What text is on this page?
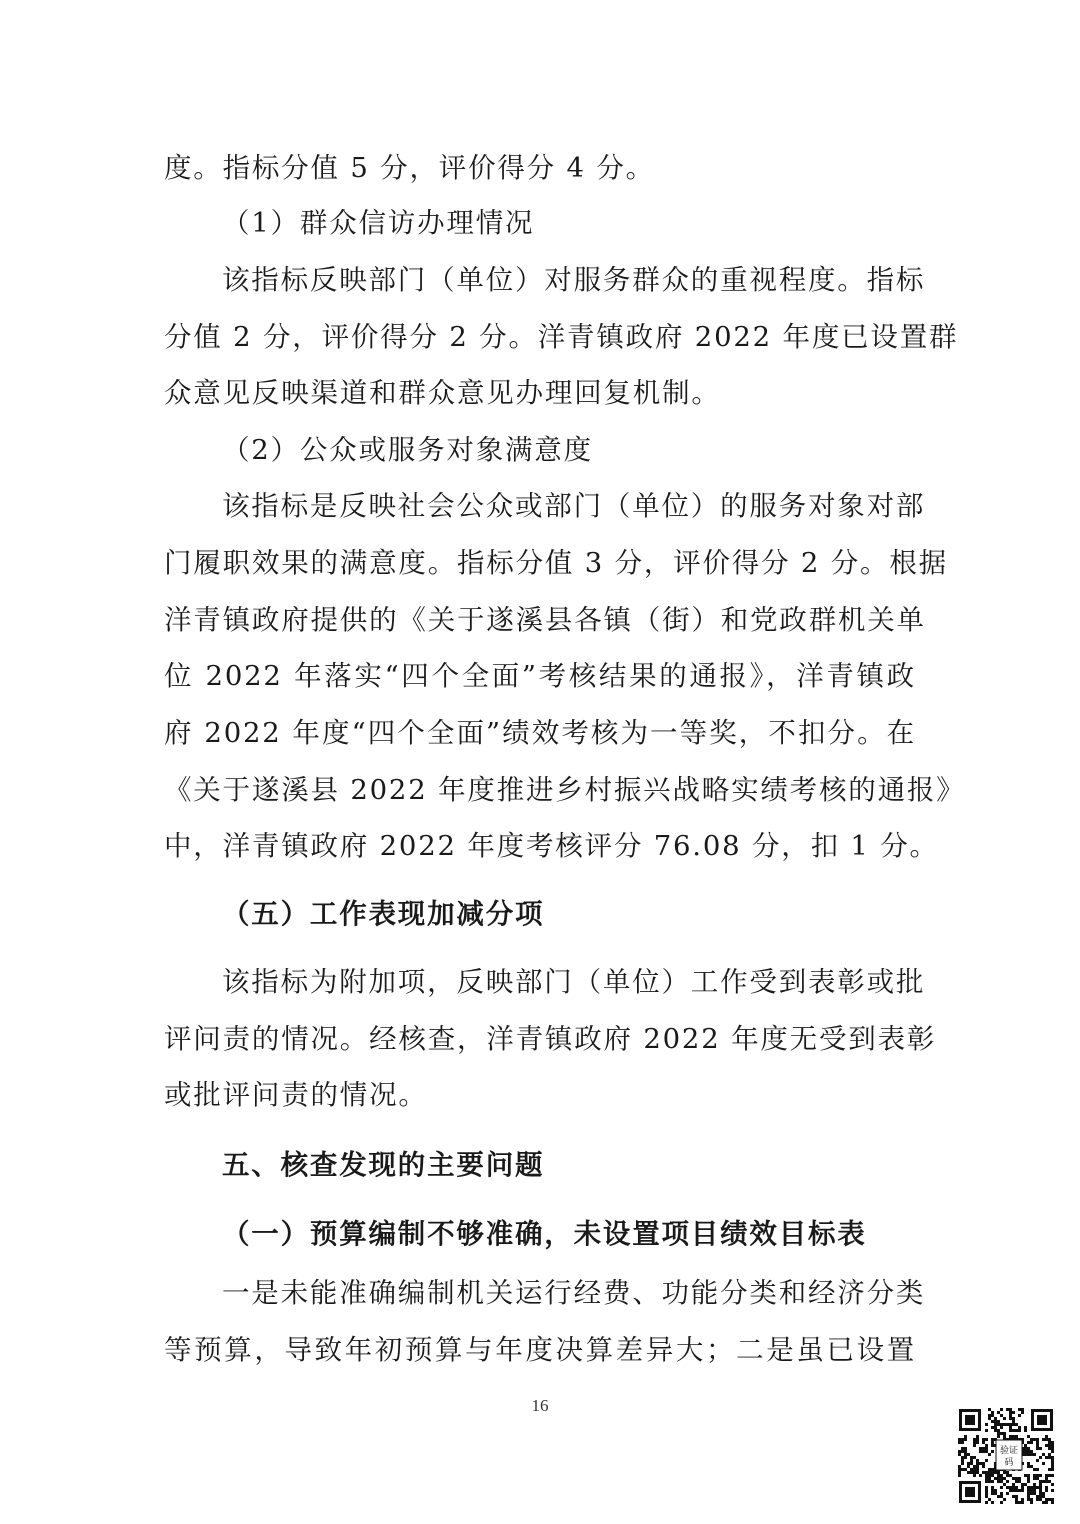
度。指标分值 5 分，评价得分 4 分。
（1）群众信访办理情况
该指标反映部门（单位）对服务群众的重视程度。指标
分值 2 分，评价得分 2 分。洋青镇政府 2022 年度已设置群
众意见反映渠道和群众意见办理回复机制。
（2）公众或服务对象满意度
该指标是反映社会公众或部门（单位）的服务对象对部
门履职效果的满意度。指标分值 3 分，评价得分 2 分。根据
洋青镇政府提供的《关于遂溪县各镇（街）和党政群机关单
位 2022 年落实“四个全面”考核结果的通报》，洋青镇政
府 2022 年度“四个全面”绩效考核为一等奖，不扣分。在
《关于遂溪县 2022 年度推进乡村振兴战略实绩考核的通报》
中，洋青镇政府 2022 年度考核评分 76.08 分，扣 1 分。
（五）工作表现加减分项
该指标为附加项，反映部门（单位）工作受到表彰或批
评问责的情况。经核查，洋青镇政府 2022 年度无受到表彰
或批评问责的情况。
五、核查发现的主要问题
（一）预算编制不够准确，未设置项目绩效目标表
一是未能准确编制机关运行经费、功能分类和经济分类
等预算，导致年初预算与年度决算差异大；二是虽已设置
16
验证
码
